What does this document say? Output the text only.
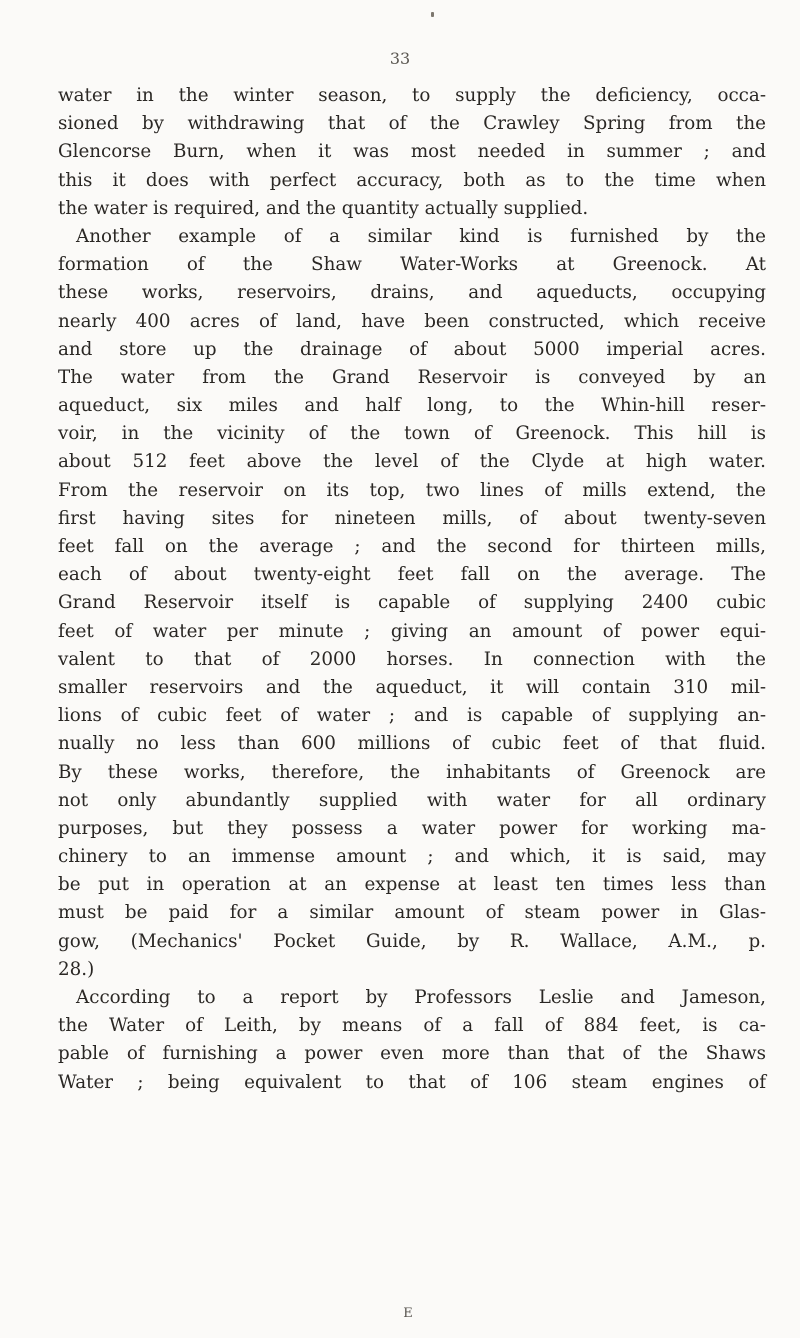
33
water in the winter season, to supply the deficiency, occa-
sioned by withdrawing that of the Crawley Spring from the
Glencorse Burn, when it was most needed in summer ; and
this it does with perfect accuracy, both as to the time when
the water is required, and the quantity actually supplied.
Another example of a similar kind is furnished by the
formation of the Shaw Water-Works at Greenock. At
these works, reservoirs, drains, and aqueducts, occupying
nearly 400 acres of land, have been constructed, which receive
and store up the drainage of about 5000 imperial acres.
The water from the Grand Reservoir is conveyed by an
aqueduct, six miles and half long, to the Whin-hill reser-
voir, in the vicinity of the town of Greenock. This hill is
about 512 feet above the level of the Clyde at high water.
From the reservoir on its top, two lines of mills extend, the
first having sites for nineteen mills, of about twenty-seven
feet fall on the average ; and the second for thirteen mills,
each of about twenty-eight feet fall on the average. The
Grand Reservoir itself is capable of supplying 2400 cubic
feet of water per minute ; giving an amount of power equi-
valent to that of 2000 horses. In connection with the
smaller reservoirs and the aqueduct, it will contain 310 mil-
lions of cubic feet of water ; and is capable of supplying an-
nually no less than 600 millions of cubic feet of that fluid.
By these works, therefore, the inhabitants of Greenock are
not only abundantly supplied with water for all ordinary
purposes, but they possess a water power for working ma-
chinery to an immense amount ; and which, it is said, may
be put in operation at an expense at least ten times less than
must be paid for a similar amount of steam power in Glas-
gow, (Mechanics' Pocket Guide, by R. Wallace, A.M., p.
28.)
According to a report by Professors Leslie and Jameson,
the Water of Leith, by means of a fall of 884 feet, is ca-
pable of furnishing a power even more than that of the Shaws
Water ; being equivalent to that of 106 steam engines of
E
